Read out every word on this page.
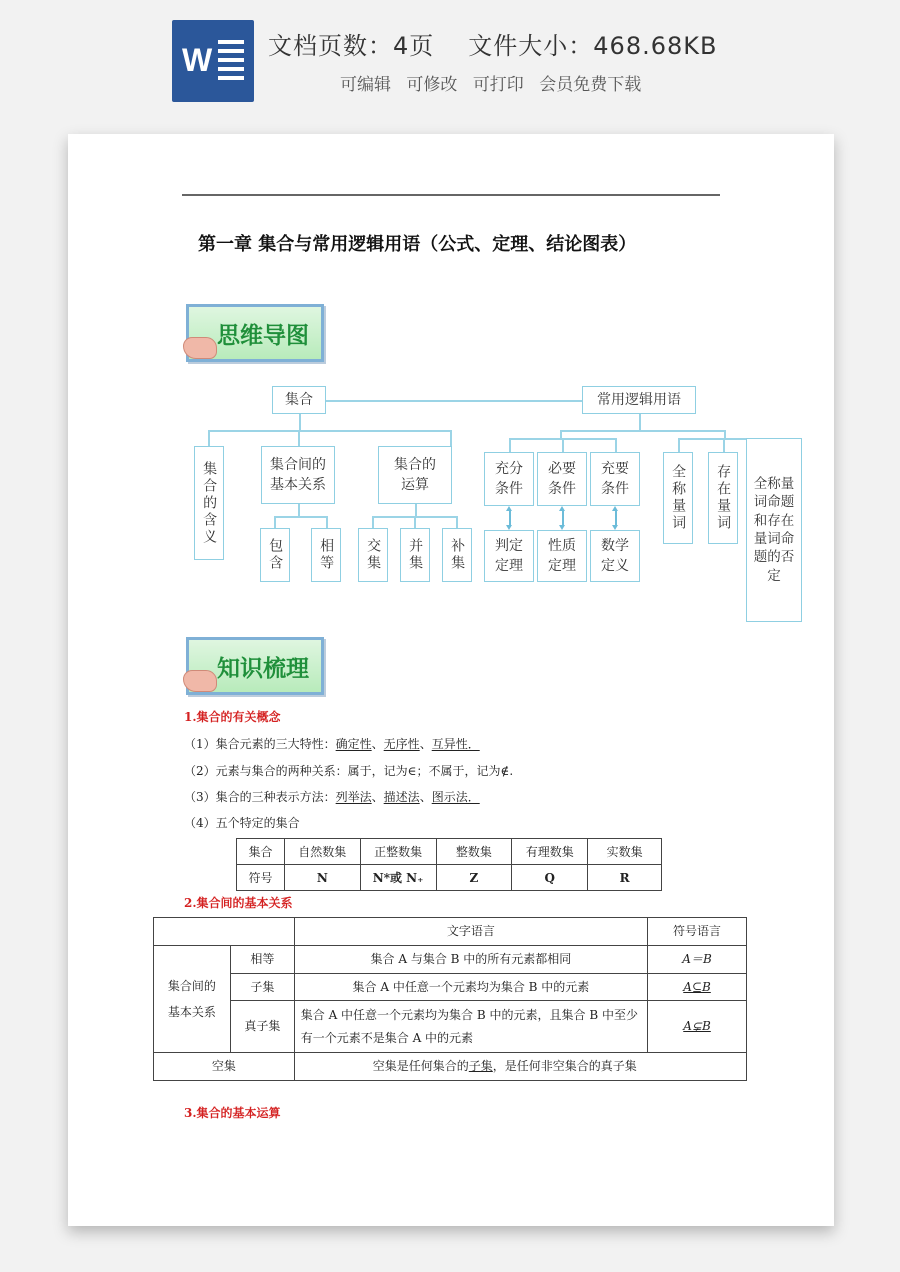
W 文档页数：4页 文件大小：468.68KB
可编辑 可修改 可打印 会员免费下载
第一章 集合与常用逻辑用语（公式、定理、结论图表）
思维导图
集合	常用逻辑用语
集合的含义	集合间的基本关系
集合的运算
包含	相等	交集	并集	补集
充分条件
必要条件
充要条件	全称量词	存在量词	全称量词命题和存在量词命题的否定
判定定理
性质定理
数学定义
知识梳理
1.集合的有关概念
（1）集合元素的三大特性：确定性、无序性、互异性．
（2）元素与集合的两种关系：属于，记为∈；不属于，记为∉.
（3）集合的三种表示方法：列举法、描述法、图示法．
（4）五个特定的集合
集合	自然数集	正整数集	整数集	有理数集	实数集
符号	N	N*或 N₊	Z	Q	R
2.集合间的基本关系
		文字语言	符号语言
集合间的基本关系	相等	集合 A 与集合 B 中的所有元素都相同	A＝B
	子集	集合 A 中任意一个元素均为集合 B 中的元素	A⊆B
	真子集	集合 A 中任意一个元素均为集合 B 中的元素，且集合 B 中至少有一个元素不是集合 A 中的元素	A⊊B
空集		空集是任何集合的子集，是任何非空集合的真子集	
3.集合的基本运算
